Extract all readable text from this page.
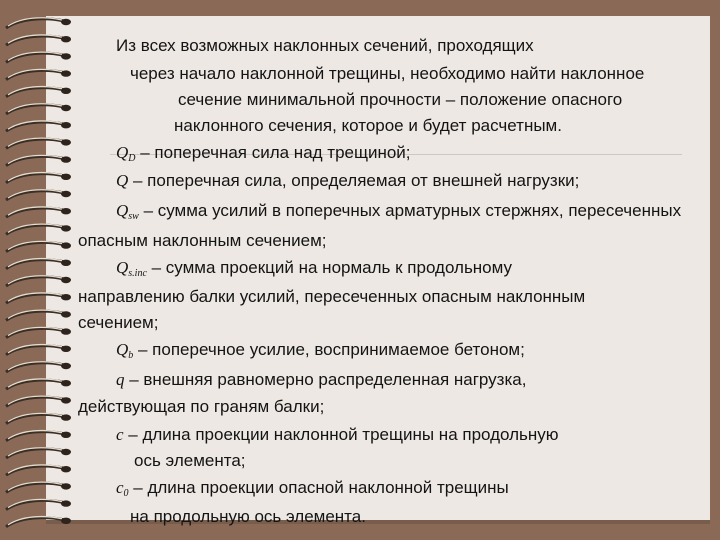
Из всех возможных наклонных сечений, проходящих
через начало наклонной трещины, необходимо найти наклонное
сечение минимальной прочности – положение опасного
наклонного сечения, которое и будет расчетным.
$Q_D$ – поперечная сила над трещиной;
Q – поперечная сила, определяемая от внешней нагрузки;
$Q_{sw}$ – сумма усилий в поперечных арматурных стержнях, пересеченных
опасным наклонным сечением;
$Q_{s.inc}$ – сумма проекций на нормаль к продольному
направлению балки усилий, пересеченных опасным наклонным
сечением;
$Q_b$ – поперечное усилие, воспринимаемое бетоном;
q – внешняя равномерно распределенная нагрузка,
действующая по граням балки;
c – длина проекции наклонной трещины на продольную
ось элемента;
$c_0$ – длина проекции опасной наклонной трещины
на продольную ось элемента.
